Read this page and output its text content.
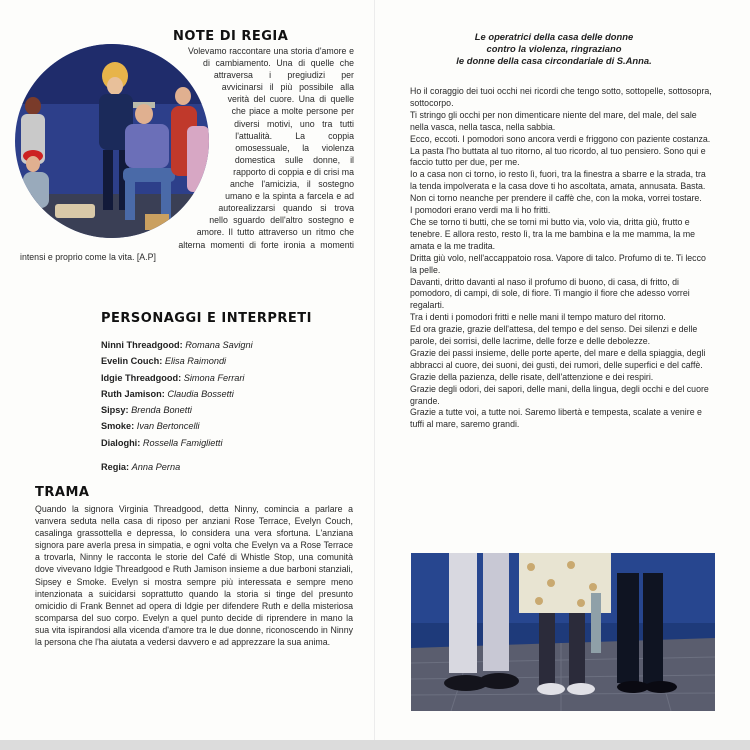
NOTE DI REGIA

Volevamo raccontare una storia d'amore e di cambiamento. Una di quelle che attraversa i pregiudizi per avvicinarsi il più possibile alla verità del cuore. Una di quelle che piace a molte persone per diversi motivi, uno tra tutti l'attualità. La coppia omosessuale, la violenza domestica sulle donne, il rapporto di coppia e di crisi ma anche l'amicizia, il sostegno umano e la spinta a farcela e ad autorealizzarsi quando si trova nello sguardo dell'altro sostegno e amore. Il tutto attraverso un ritmo che alterna momenti di forte ironia a momenti intensi e proprio come la vita. [A.P]

PERSONAGGI E INTERPRETI
Ninni Threadgood: Romana Savigni
Evelin Couch: Elisa Raimondi
Idgie Threadgood: Simona Ferrari
Ruth Jamison: Claudia Bossetti
Sipsy: Brenda Bonetti
Smoke: Ivan Bertoncelli
Dialoghi: Rossella Famiglietti
Regia: Anna Perna
TRAMA

Quando la signora Virginia Threadgood, detta Ninny, comincia a parlare a vanvera seduta nella casa di riposo per anziani Rose Terrace, Evelyn Couch, casalinga grassottella e depressa, lo considera una vera sfortuna. L'anziana signora pare averla presa in simpatia, e ogni volta che Evelyn va a Rose Terrace a trovarla, Ninny le racconta le storie del Café di Whistle Stop, una comunità dove vivevano Idgie Threadgood e Ruth Jamison insieme a due barboni stanziali, Sipsey e Smoke. Evelyn si mostra sempre più interessata e sempre meno intenzionata a suicidarsi soprattutto quando la storia si tinge del presunto omicidio di Frank Bennet ad opera di Idgie per difendere Ruth e della misteriosa scomparsa del suo corpo. Evelyn a quel punto decide di riprendere in mano la sua vita ispirandosi alla vicenda d'amore tra le due donne, riconoscendo in Ninny la persona che l'ha aiutata a vedersi davvero e ad apprezzare la sua anima.

Le operatrici della casa delle donne
contro la violenza, ringraziano
le donne della casa circondariale di S.Anna.

Ho il coraggio dei tuoi occhi nei ricordi che tengo sotto, sottopelle, sottosopra, sottocorpo.

Ti stringo gli occhi per non dimenticare niente del mare, del male, del sale nella vasca, nella tasca, nella sabbia.

Ecco, eccoti. I pomodori sono ancora verdi e friggono con paziente costanza. La pasta l'ho buttata al tuo ritorno, al tuo ricordo, al tuo pensiero. Sono qui e faccio tutto per due, per me.

Io a casa non ci torno, io resto lì, fuori, tra la finestra a sbarre e la strada, tra la tenda impolverata e la casa dove ti ho ascoltata, amata, annusata. Basta. Non ci torno neanche per prendere il caffè che, con la moka, vorrei tostare.

I pomodori erano verdi ma li ho fritti.

Che se torno ti butti, che se torni mi butto via, volo via, dritta giù, frutto e tenebre. E allora resto, resto lì, tra la me bambina e la me mamma, la me amata e la me tradita.

Dritta giù volo, nell'accappatoio rosa. Vapore di talco. Profumo di te. Ti lecco la pelle.

Davanti, dritto davanti al naso il profumo di buono, di casa, di fritto, di pomodoro, di campi, di sole, di fiore. Ti mangio il fiore che adesso vorrei regalarti.

Tra i denti i pomodori fritti e nelle mani il tempo maturo del ritorno.

Ed ora grazie, grazie dell'attesa, del tempo e del senso. Dei silenzi e delle parole, dei sorrisi, delle lacrime, delle forze e delle debolezze.

Grazie dei passi insieme, delle porte aperte, del mare e della spiaggia, degli abbracci al cuore, dei suoni, dei gusti, dei rumori, delle superfici e del caffè.

Grazie della pazienza, delle risate, dell'attenzione e dei respiri.

Grazie degli odori, dei sapori, delle mani, della lingua, degli occhi e del cuore grande.

Grazie a tutte voi, a tutte noi. Saremo libertà e tempesta, scalate a venire e tuffi al mare, saremo grandi.
